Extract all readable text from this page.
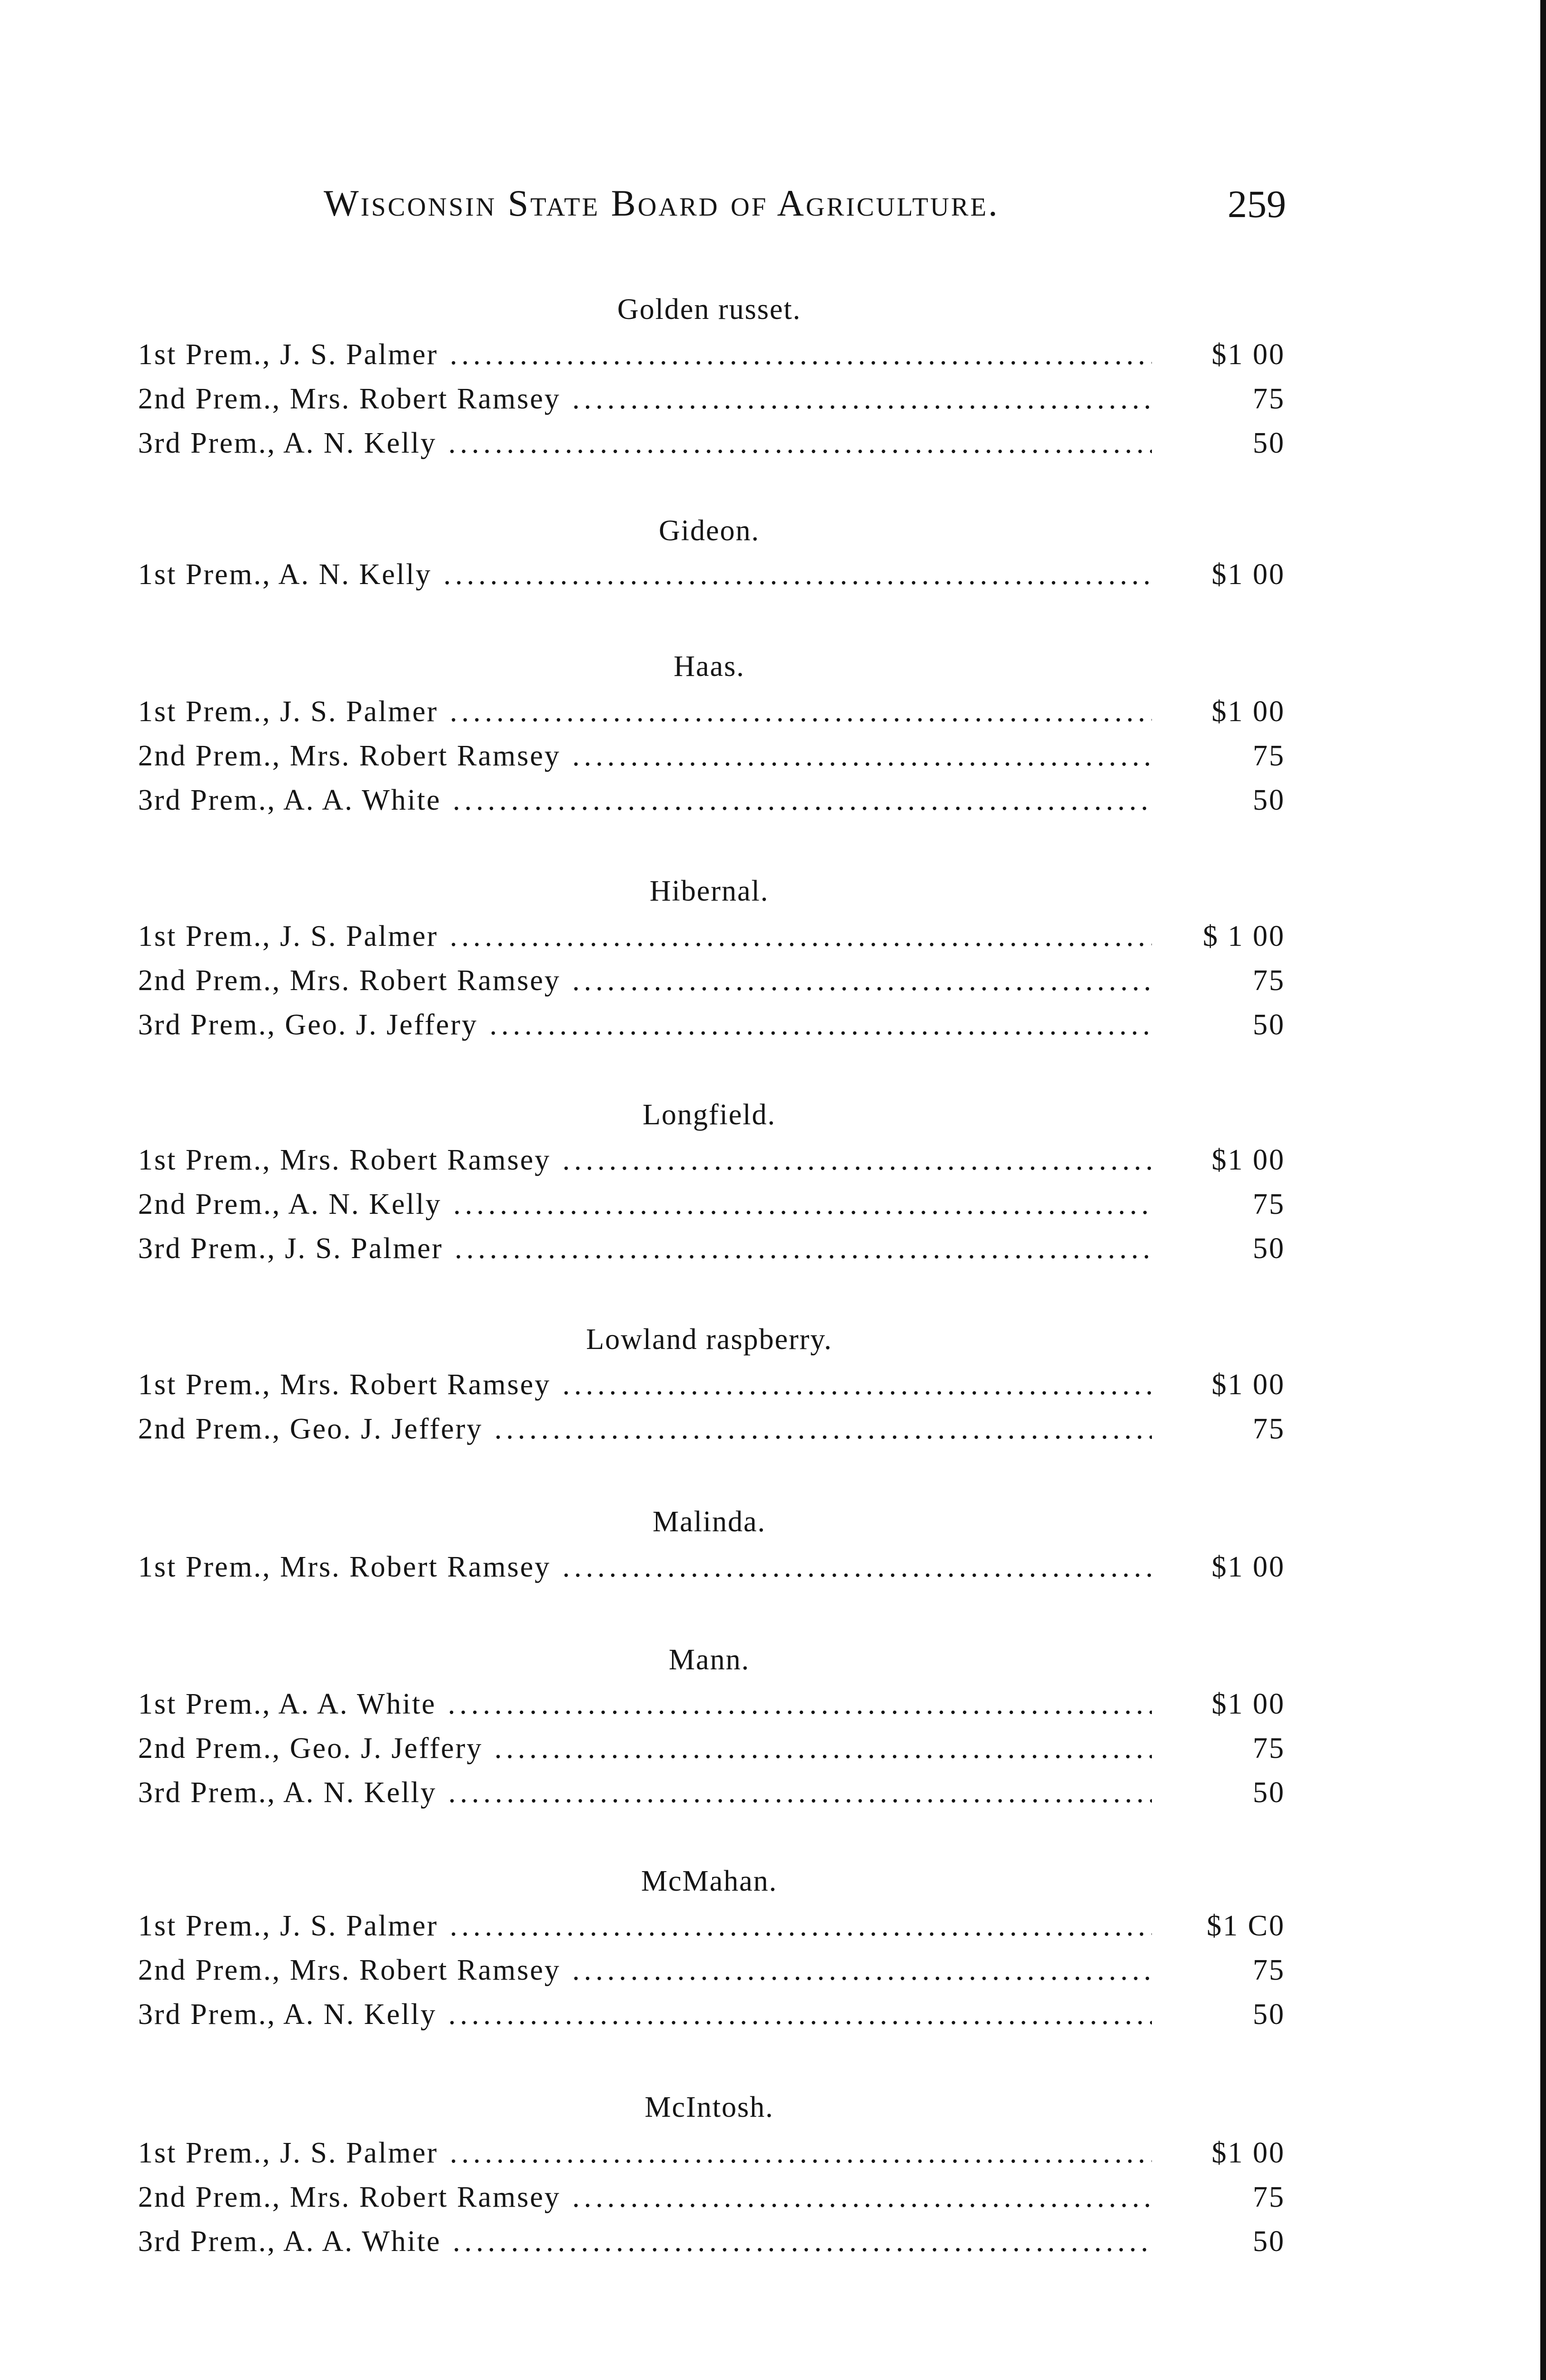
Wisconsin State Board of Agriculture.	259
Golden russet.
1st Prem., J. S. Palmer .....	$1 00
2nd Prem., Mrs. Robert Ramsey .....	75
3rd Prem., A. N. Kelly .....	50
Gideon.
1st Prem., A. N. Kelly .....	$1 00
Haas.
1st Prem., J. S. Palmer .....	$1 00
2nd Prem., Mrs. Robert Ramsey .....	75
3rd Prem., A. A. White .....	50
Hibernal.
1st Prem., J. S. Palmer .....	$ 1 00
2nd Prem., Mrs. Robert Ramsey .....	75
3rd Prem., Geo. J. Jeffery .....	50
Longfield.
1st Prem., Mrs. Robert Ramsey .....	$1 00
2nd Prem., A. N. Kelly .....	75
3rd Prem., J. S. Palmer .....	50
Lowland raspberry.
1st Prem., Mrs. Robert Ramsey .....	$1 00
2nd Prem., Geo. J. Jeffery .....	75
Malinda.
1st Prem., Mrs. Robert Ramsey .....	$1 00
Mann.
1st Prem., A. A. White .....	$1 00
2nd Prem., Geo. J. Jeffery .....	75
3rd Prem., A. N. Kelly .....	50
McMahan.
1st Prem., J. S. Palmer .....	$1 C0
2nd Prem., Mrs. Robert Ramsey .....	75
3rd Prem., A. N. Kelly .....	50
McIntosh.
1st Prem., J. S. Palmer .....	$1 00
2nd Prem., Mrs. Robert Ramsey .....	75
3rd Prem., A. A. White .....	50
